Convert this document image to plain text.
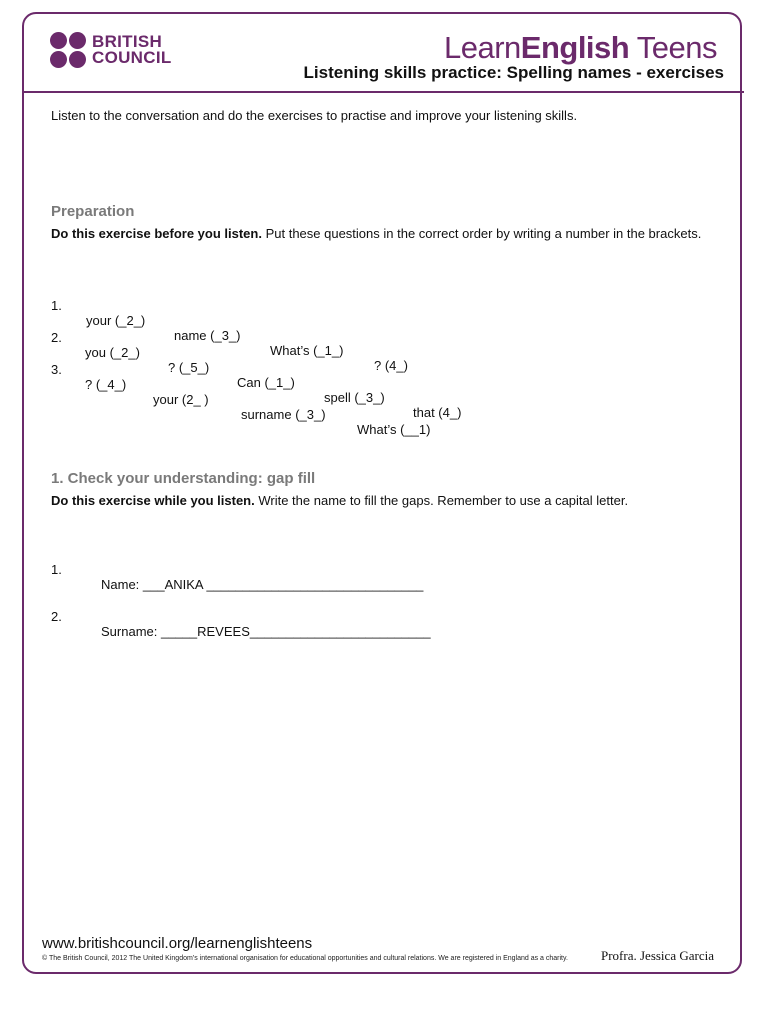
BRITISH
COUNCIL	LearnEnglish Teens
Listening skills practice: Spelling names - exercises
Listen to the conversation and do the exercises to practise and improve your listening skills.
Preparation
Do this exercise before you listen. Put these questions in the correct order by writing a number in the brackets.

1.

your (_2_)

name (_3_)

What’s (_1_)

? (4_)

2.

you (_2_)

? (_5_)

Can (_1_)

spell (_3_)

that (4_)

3.

? (_4_)

your (2_ )

surname (_3_)

What’s (__1)

1. Check your understanding: gap fill
Do this exercise while you listen. Write the name to fill the gaps. Remember to use a capital letter.

1.

Name: ___ANIKA ______________________________

2.

Surname: _____REVEES_________________________

www.britishcouncil.org/learnenglishteens
© The British Council, 2012 The United Kingdom’s international organisation for educational opportunities and cultural relations. We are registered in England as a charity.	Profra. Jessica Garcia
